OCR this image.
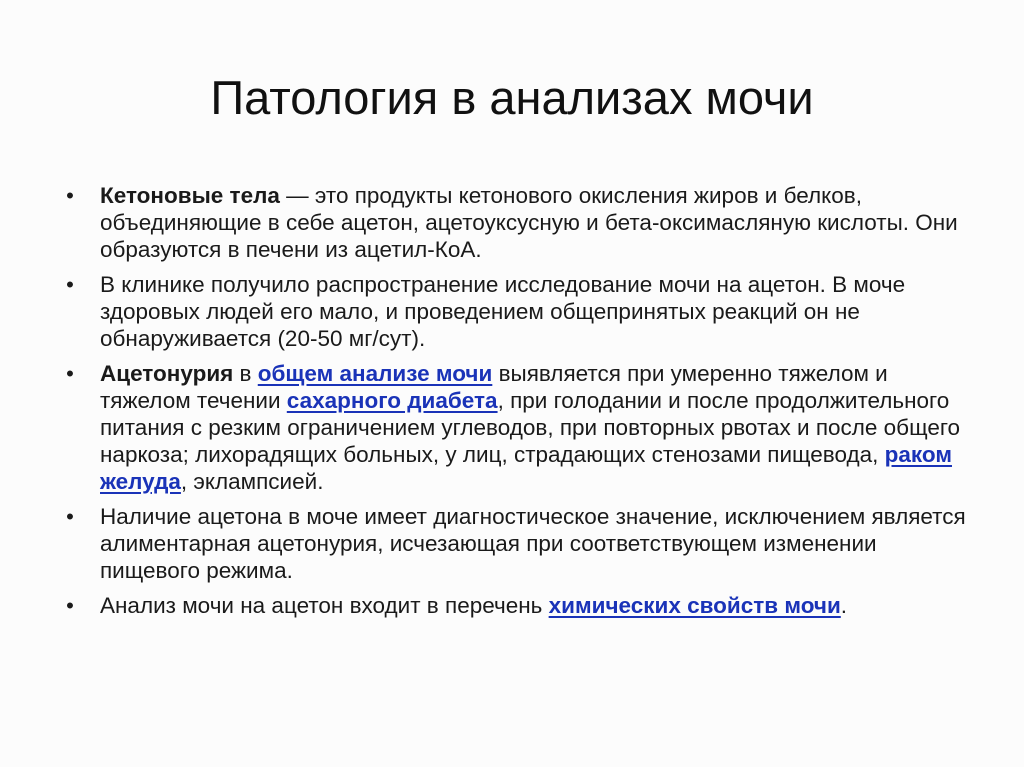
Патология в анализах мочи
• Кетоновые тела — это продукты кетонового окисления жиров и белков, объединяющие в себе ацетон, ацетоуксусную и бета-оксимасляную кислоты. Они образуются в печени из ацетил-КоА.
• В клинике получило распространение исследование мочи на ацетон. В моче здоровых людей его мало, и проведением общепринятых реакций он не обнаруживается (20-50 мг/сут).
• Ацетонурия в общем анализе мочи выявляется при умеренно тяжелом и тяжелом течении сахарного диабета, при голодании и после продолжительного питания с резким ограничением углеводов, при повторных рвотах и после общего наркоза; лихорадящих больных, у лиц, страдающих стенозами пищевода, раком желуда, эклампсией.
• Наличие ацетона в моче имеет диагностическое значение, исключением является алиментарная ацетонурия, исчезающая при соответствующем изменении пищевого режима.
• Анализ мочи на ацетон входит в перечень химических свойств мочи.
